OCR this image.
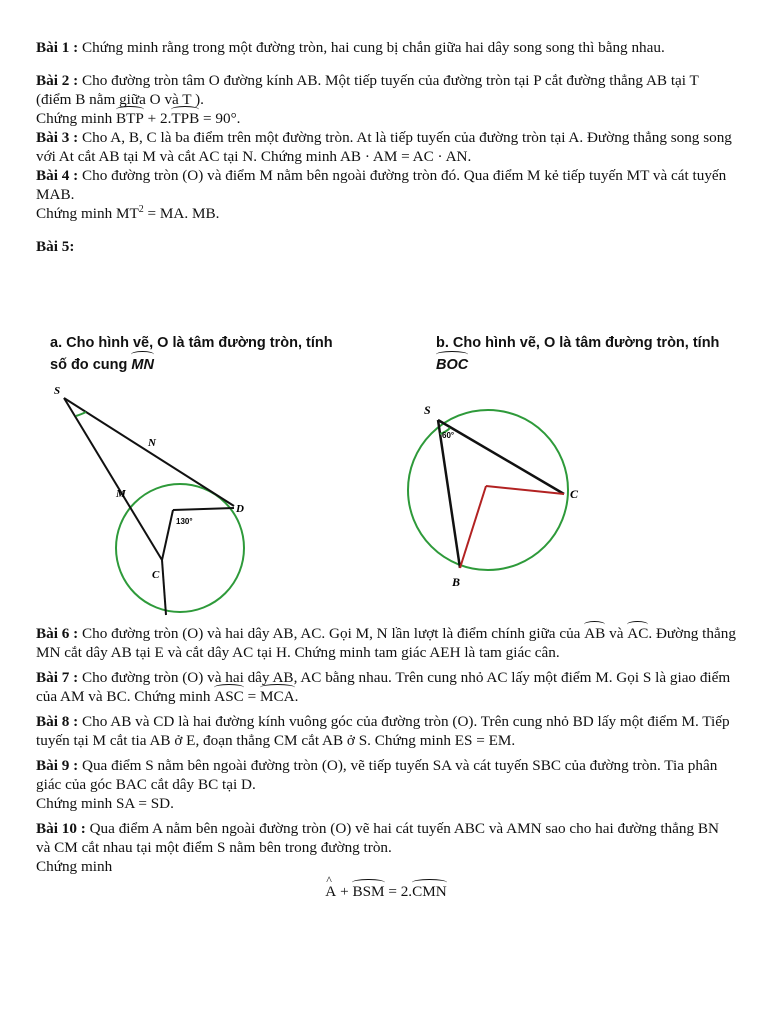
Bài 1 : Chứng minh rằng trong một đường tròn, hai cung bị chắn giữa hai dây song song thì bằng nhau.

Bài 2 : Cho đường tròn tâm O đường kính AB. Một tiếp tuyến của đường tròn tại P cắt đường thẳng AB tại T (điểm B nằm giữa O và T ).

Chứng minh BTP + 2.TPB = 90°.

Bài 3 : Cho A, B, C là ba điểm trên một đường tròn. At là tiếp tuyến của đường tròn tại A. Đường thẳng song song với At cắt AB tại M và cắt AC tại N. Chứng minh AB · AM = AC · AN.

Bài 4 : Cho đường tròn (O) và điểm M nằm bên ngoài đường tròn đó. Qua điểm M kẻ tiếp tuyến MT và cát tuyến MAB.

Chứng minh $MT^2$ = MA. MB.

Bài 5:

a. Cho hình vẽ, O là tâm đường tròn, tính
số đo cung MN
b. Cho hình vẽ, O là tâm đường tròn, tính
BOC
S
N
M
D
C
130°
S
C
B
60°

Bài 6 : Cho đường tròn (O) và hai dây AB, AC. Gọi M, N lần lượt là điểm chính giữa của AB và AC. Đường thẳng MN cắt dây AB tại E và cắt dây AC tại H. Chứng minh tam giác AEH là tam giác cân.

Bài 7 : Cho đường tròn (O) và hai dây AB, AC bằng nhau. Trên cung nhỏ AC lấy một điểm M. Gọi S là giao điểm của AM và BC. Chứng minh ASC = MCA.

Bài 8 : Cho AB và CD là hai đường kính vuông góc của đường tròn (O). Trên cung nhỏ BD lấy một điểm M. Tiếp tuyến tại M cắt tia AB ở E, đoạn thẳng CM cắt AB ở S. Chứng minh ES = EM.

Bài 9 : Qua điểm S nằm bên ngoài đường tròn (O), vẽ tiếp tuyến SA và cát tuyến SBC của đường tròn. Tia phân giác của góc BAC cắt dây BC tại D.

Chứng minh SA = SD.

Bài 10 : Qua điểm A nằm bên ngoài đường tròn (O) vẽ hai cát tuyến ABC và AMN sao cho hai đường thẳng BN và CM cắt nhau tại một điểm S nằm bên trong đường tròn.

Chứng minh

^ A + BSM = 2.CMN
